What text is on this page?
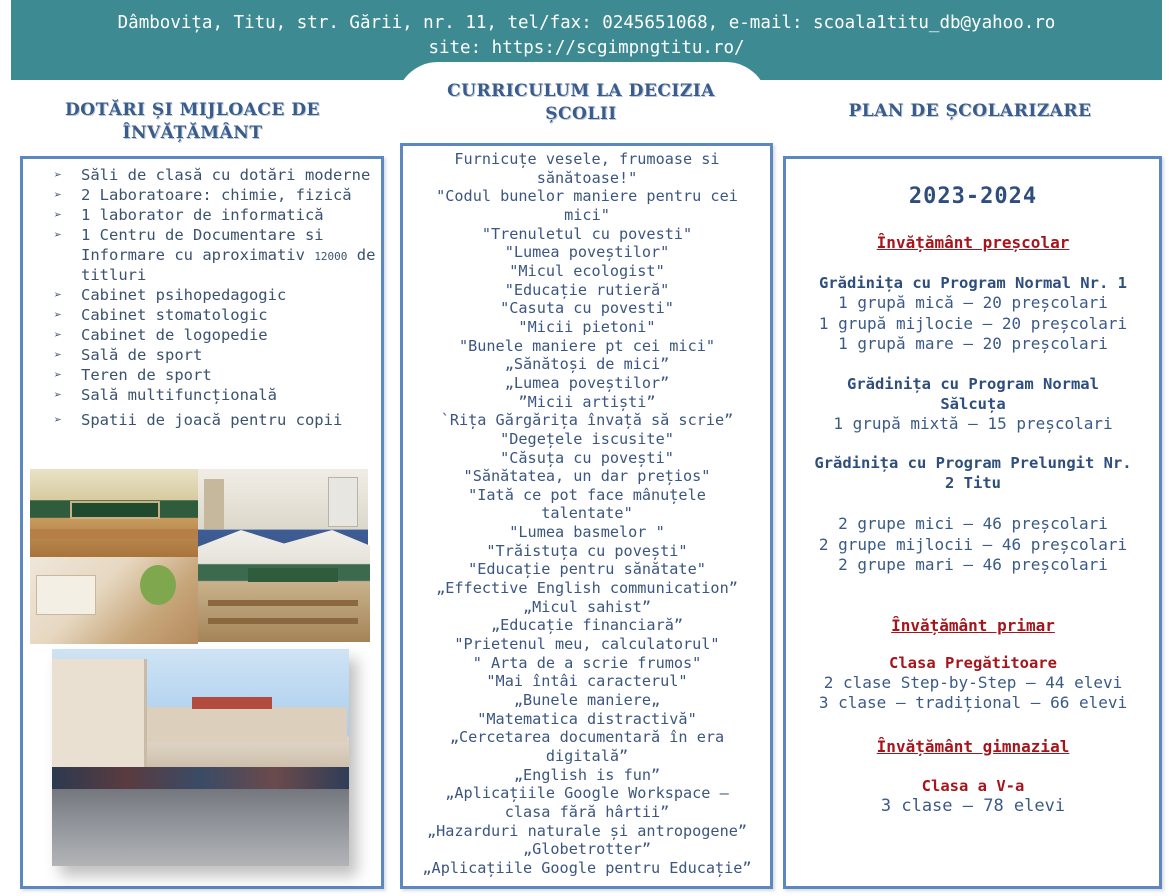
Dâmbovița, Titu, str. Gării, nr. 11, tel/fax: 0245651068, e-mail: scoala1titu_db@yahoo.ro
site: https://scgimpngtitu.ro/
DOTĂRI ȘI MIJLOACE DE
ÎNVĂȚĂMÂNT
CURRICULUM LA DECIZIA
ȘCOLII	PLAN DE ȘCOLARIZARE
➢ Săli de clasă cu dotări moderne
➢ 2 Laboratoare: chimie, fizică
➢ 1 laborator de informatică
➢ 1 Centru de Documentare si Informare cu aproximativ 12000 de titluri
➢ Cabinet psihopedagogic
➢ Cabinet stomatologic
➢ Cabinet de logopedie
➢ Sală de sport
➢ Teren de sport
➢ Sală multifuncțională
➢ Spatii de joacă pentru copii
Furnicuțe vesele, frumoase si
sănătoase!"
"Codul bunelor maniere pentru cei
mici"
"Trenuletul cu povesti"
"Lumea poveștilor"
"Micul ecologist"
"Educație rutieră"
"Casuta cu povesti"
"Micii pietoni"
"Bunele maniere pt cei mici"
„Sănătoși de mici”
„Lumea poveștilor”
”Micii artiști”
`Rița Gărgărița învață să scrie”
"Degețele iscusite"
"Căsuța cu povești"
"Sănătatea, un dar prețios"
"Iată ce pot face mânuțele
talentate"
"Lumea basmelor "
"Trăistuța cu povești"
"Educație pentru sănătate"
„Effective English communication”
„Micul sahist”
„Educație financiară”
"Prietenul meu, calculatorul"
" Arta de a scrie frumos"
"Mai întâi caracterul"
„Bunele maniere„
"Matematica distractivă"
„Cercetarea documentară în era
digitală”
„English is fun”
„Aplicațiile Google Workspace –
clasa fără hârtii”
„Hazarduri naturale și antropogene”
„Globetrotter”
„Aplicațiile Google pentru Educație”
2023-2024
Învățământ preșcolar
Grădinița cu Program Normal Nr. 1
1 grupă mică – 20 preșcolari
1 grupă mijlocie – 20 preșcolari
1 grupă mare – 20 preșcolari
Grădinița cu Program Normal
Sălcuța
1 grupă mixtă – 15 preșcolari
Grădinița cu Program Prelungit Nr.
2 Titu
2 grupe mici – 46 preșcolari
2 grupe mijlocii – 46 preșcolari
2 grupe mari – 46 preșcolari
Învățământ primar
Clasa Pregătitoare
2 clase Step-by-Step – 44 elevi
3 clase – tradițional – 66 elevi
Învățământ gimnazial
Clasa a V-a
3 clase – 78 elevi
